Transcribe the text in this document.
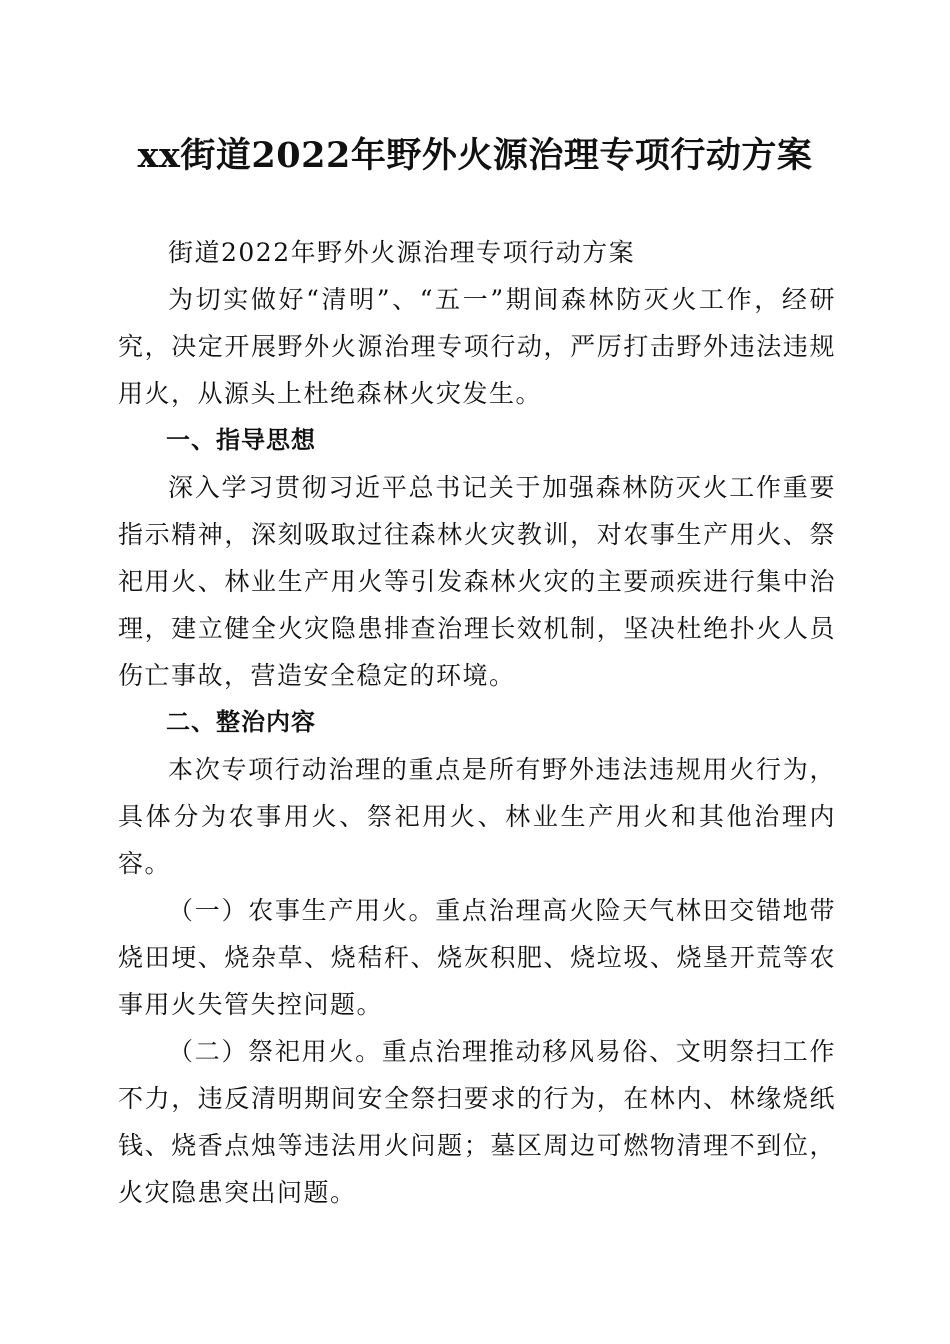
xx街道2022年野外火源治理专项行动方案

街道2022年野外火源治理专项行动方案

为切实做好“清明”、“五一”期间森林防灭火工作，经研究，决定开展野外火源治理专项行动，严厉打击野外违法违规用火，从源头上杜绝森林火灾发生。

一、指导思想

深入学习贯彻习近平总书记关于加强森林防灭火工作重要指示精神，深刻吸取过往森林火灾教训，对农事生产用火、祭祀用火、林业生产用火等引发森林火灾的主要顽疾进行集中治理，建立健全火灾隐患排查治理长效机制，坚决杜绝扑火人员伤亡事故，营造安全稳定的环境。

二、整治内容

本次专项行动治理的重点是所有野外违法违规用火行为，具体分为农事用火、祭祀用火、林业生产用火和其他治理内容。

（一）农事生产用火。重点治理高火险天气林田交错地带烧田埂、烧杂草、烧秸秆、烧灰积肥、烧垃圾、烧垦开荒等农事用火失管失控问题。

（二）祭祀用火。重点治理推动移风易俗、文明祭扫工作不力，违反清明期间安全祭扫要求的行为，在林内、林缘烧纸钱、烧香点烛等违法用火问题；墓区周边可燃物清理不到位，火灾隐患突出问题。
